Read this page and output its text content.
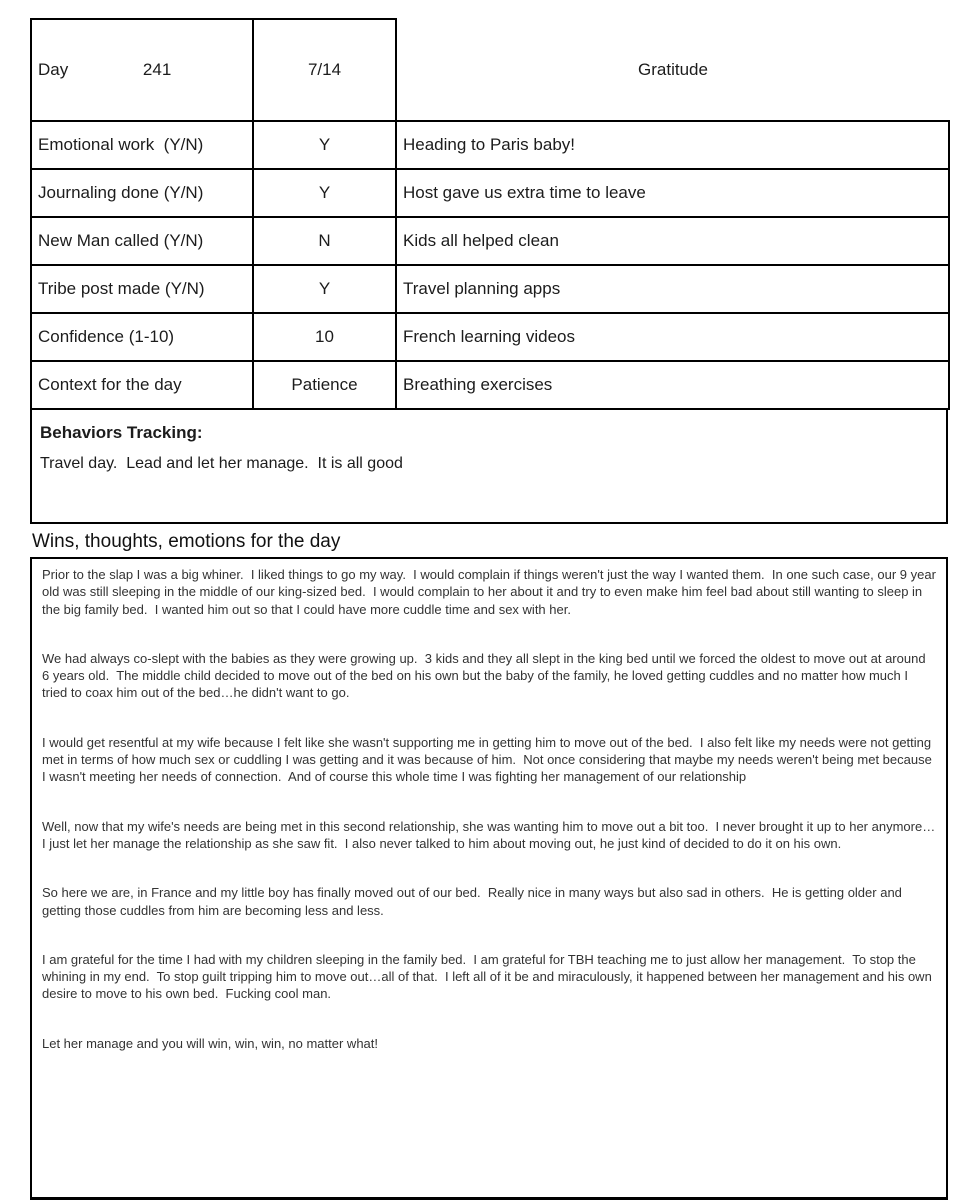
Day 241	7/14	Gratitude
Emotional work  (Y/N)	Y	Heading to Paris baby!
Journaling done (Y/N)	Y	Host gave us extra time to leave
New Man called (Y/N)	N	Kids all helped clean
Tribe post made (Y/N)	Y	Travel planning apps
Confidence (1-10)	10	French learning videos
Context for the day	Patience	Breathing exercises

Behaviors Tracking:

Travel day.  Lead and let her manage.  It is all good

Wins, thoughts, emotions for the day

Prior to the slap I was a big whiner.  I liked things to go my way.  I would complain if things weren't just the way I wanted them.  In one such case, our 9 year old was still sleeping in the middle of our king-sized bed.  I would complain to her about it and try to even make him feel bad about still wanting to sleep in the big family bed.  I wanted him out so that I could have more cuddle time and sex with her.

We had always co-slept with the babies as they were growing up.  3 kids and they all slept in the king bed until we forced the oldest to move out at around 6 years old.  The middle child decided to move out of the bed on his own but the baby of the family, he loved getting cuddles and no matter how much I tried to coax him out of the bed…he didn't want to go.

I would get resentful at my wife because I felt like she wasn't supporting me in getting him to move out of the bed.  I also felt like my needs were not getting met in terms of how much sex or cuddling I was getting and it was because of him.  Not once considering that maybe my needs weren't being met because I wasn't meeting her needs of connection.  And of course this whole time I was fighting her management of our relationship

Well, now that my wife's needs are being met in this second relationship, she was wanting him to move out a bit too.  I never brought it up to her anymore…I just let her manage the relationship as she saw fit.  I also never talked to him about moving out, he just kind of decided to do it on his own.

So here we are, in France and my little boy has finally moved out of our bed.  Really nice in many ways but also sad in others.  He is getting older and getting those cuddles from him are becoming less and less.

I am grateful for the time I had with my children sleeping in the family bed.  I am grateful for TBH teaching me to just allow her management.  To stop the whining in my end.  To stop guilt tripping him to move out…all of that.  I left all of it be and miraculously, it happened between her management and his own desire to move to his own bed.  Fucking cool man.

Let her manage and you will win, win, win, no matter what!
